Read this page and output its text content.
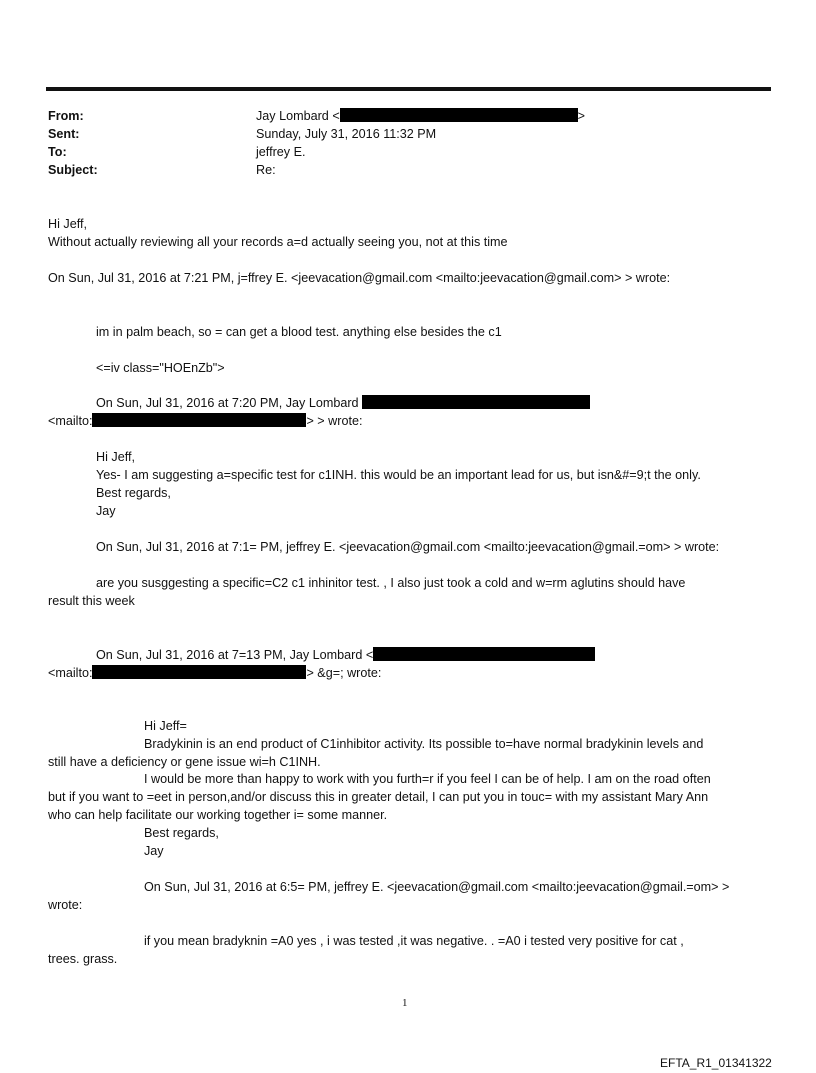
From:	Jay Lombard <	>
Sent:	Sunday, July 31, 2016 11:32 PM
To:	jeffrey E.
Subject:	Re:
Hi Jeff,
Without actually reviewing all your records a=d actually seeing you, not at this time
On Sun, Jul 31, 2016 at 7:21 PM, j=ffrey E. <jeevacation@gmail.com <mailto:jeevacation@gmail.com> > wrote:
im in palm beach, so = can get a blood test. anything else besides the c1
<=iv class="HOEnZb">
On Sun, Jul 31, 2016 at 7:20 PM, Jay Lombard
<mailto:	> > wrote:
Hi Jeff,
Yes- I am suggesting a=specific test for c1INH. this would be an important lead for us, but isn&#=9;t the only.
Best regards,
Jay
On Sun, Jul 31, 2016 at 7:1= PM, jeffrey E. <jeevacation@gmail.com <mailto:jeevacation@gmail.=om> > wrote:
are you susggesting a specific=C2 c1 inhinitor test. , I also just took a cold and w=rm aglutins should have
result this week
On Sun, Jul 31, 2016 at 7=13 PM, Jay Lombard <
<mailto:	> &g=; wrote:
Hi Jeff=
Bradykinin is an end product of C1inhibitor activity. Its possible to=have normal bradykinin levels and
still have a deficiency or gene issue wi=h C1INH.
I would be more than happy to work with you furth=r if you feel I can be of help. I am on the road often
but if you want to =eet in person,and/or discuss this in greater detail, I can put you in touc= with my assistant Mary Ann
who can help facilitate our working together i= some manner.
Best regards,
Jay
On Sun, Jul 31, 2016 at 6:5= PM, jeffrey E. <jeevacation@gmail.com <mailto:jeevacation@gmail.=om> >
wrote:
if you mean bradyknin =A0 yes , i was tested ,it was negative. . =A0 i tested very positive for cat ,
trees. grass.
1
EFTA_R1_01341322
